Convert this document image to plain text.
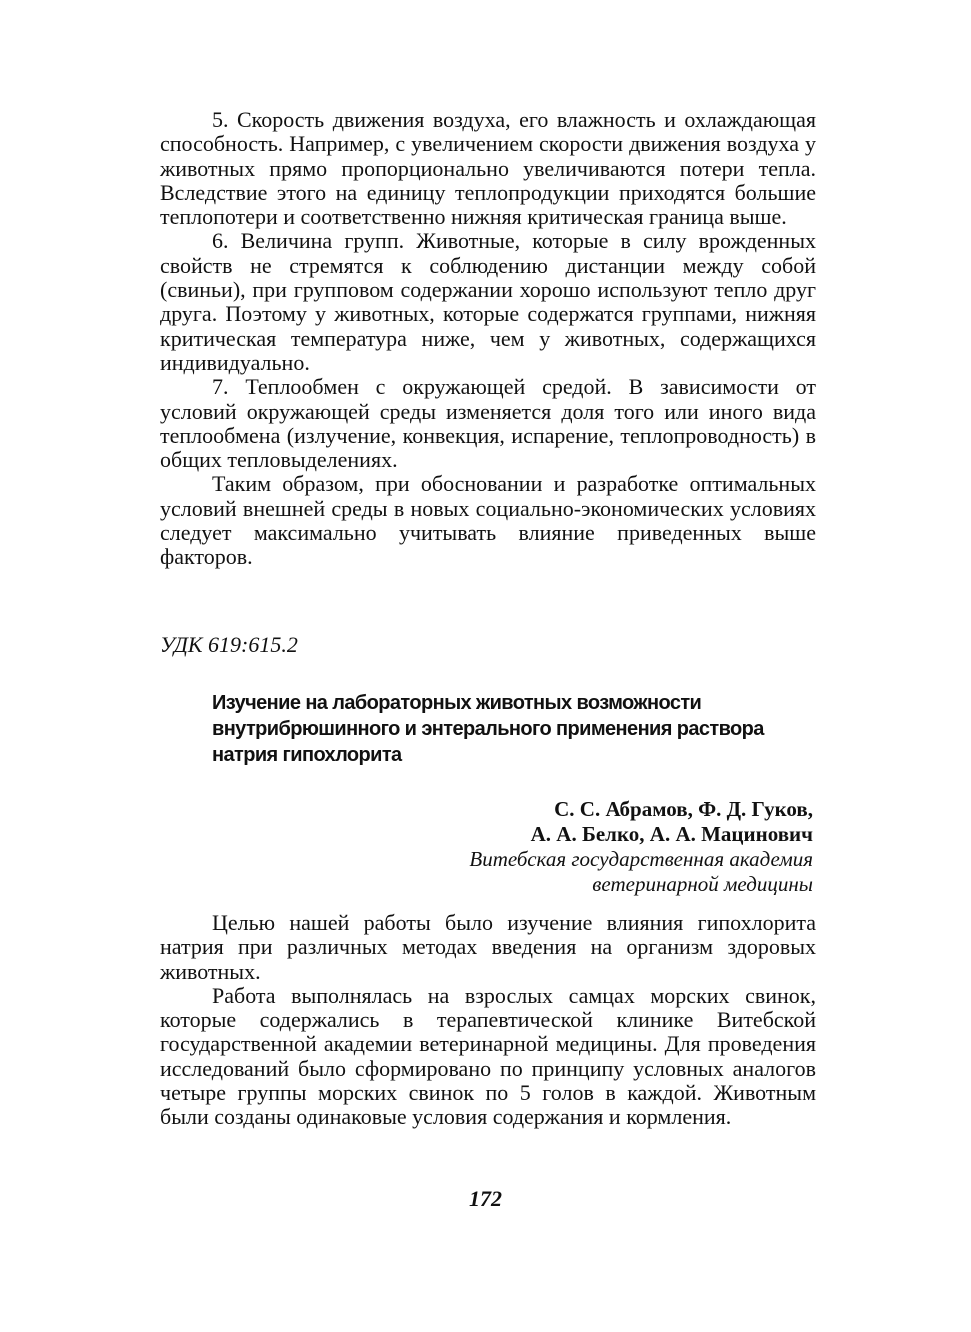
5. Скорость движения воздуха, его влажность и охлаждающая способность. Например, с увеличением скорости движения воздуха у животных прямо пропорционально увеличиваются потери тепла. Вследствие этого на единицу теплопродукции приходятся большие теплопотери и соответственно нижняя критическая граница выше.

6. Величина групп. Животные, которые в силу врожденных свойств не стремятся к соблюдению дистанции между собой (свиньи), при групповом содержании хорошо используют тепло друг друга. Поэтому у животных, которые содержатся группами, нижняя критическая температура ниже, чем у животных, содержащихся индивидуально.

7. Теплообмен с окружающей средой. В зависимости от условий окружающей среды изменяется доля того или иного вида теплообмена (излучение, конвекция, испарение, теплопроводность) в общих тепловыделениях.

Таким образом, при обосновании и разработке оптимальных условий внешней среды в новых социально-экономических условиях следует максимально учитывать влияние приведенных выше факторов.

УДК 619:615.2

Изучение на лабораторных животных возможности внутрибрюшинного и энтерального применения раствора натрия гипохлорита
С. С. Абрамов, Ф. Д. Гуков,
А. А. Белко, А. А. Мацинович
Витебская государственная академия
ветеринарной медицины

Целью нашей работы было изучение влияния гипохлорита натрия при различных методах введения на организм здоровых животных.

Работа выполнялась на взрослых самцах морских свинок, которые содержались в терапевтической клинике Витебской государственной академии ветеринарной медицины. Для проведения исследований было сформировано по принципу условных аналогов четыре группы морских свинок по 5 голов в каждой. Животным были созданы одинаковые условия содержания и кормления.

172
